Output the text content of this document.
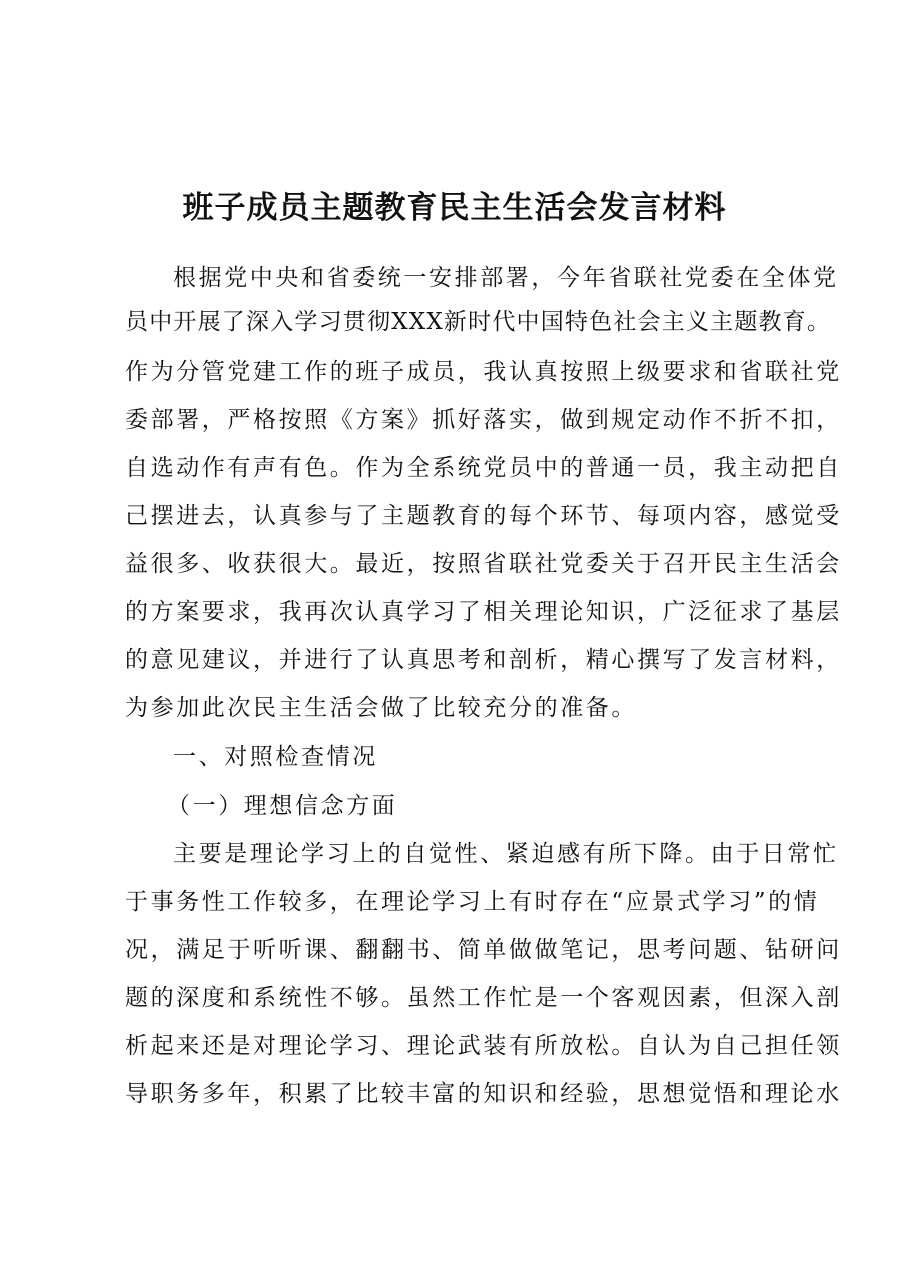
班子成员主题教育民主生活会发言材料

根据党中央和省委统一安排部署，今年省联社党委在全体党

员中开展了深入学习贯彻XXX新时代中国特色社会主义主题教育。

作为分管党建工作的班子成员，我认真按照上级要求和省联社党

委部署，严格按照《方案》抓好落实，做到规定动作不折不扣，

自选动作有声有色。作为全系统党员中的普通一员，我主动把自

己摆进去，认真参与了主题教育的每个环节、每项内容，感觉受

益很多、收获很大。最近，按照省联社党委关于召开民主生活会

的方案要求，我再次认真学习了相关理论知识，广泛征求了基层

的意见建议，并进行了认真思考和剖析，精心撰写了发言材料，

为参加此次民主生活会做了比较充分的准备。

一、对照检查情况

（一）理想信念方面

主要是理论学习上的自觉性、紧迫感有所下降。由于日常忙

于事务性工作较多，在理论学习上有时存在“应景式学习”的情

况，满足于听听课、翻翻书、简单做做笔记，思考问题、钻研问

题的深度和系统性不够。虽然工作忙是一个客观因素，但深入剖

析起来还是对理论学习、理论武装有所放松。自认为自己担任领

导职务多年，积累了比较丰富的知识和经验，思想觉悟和理论水
